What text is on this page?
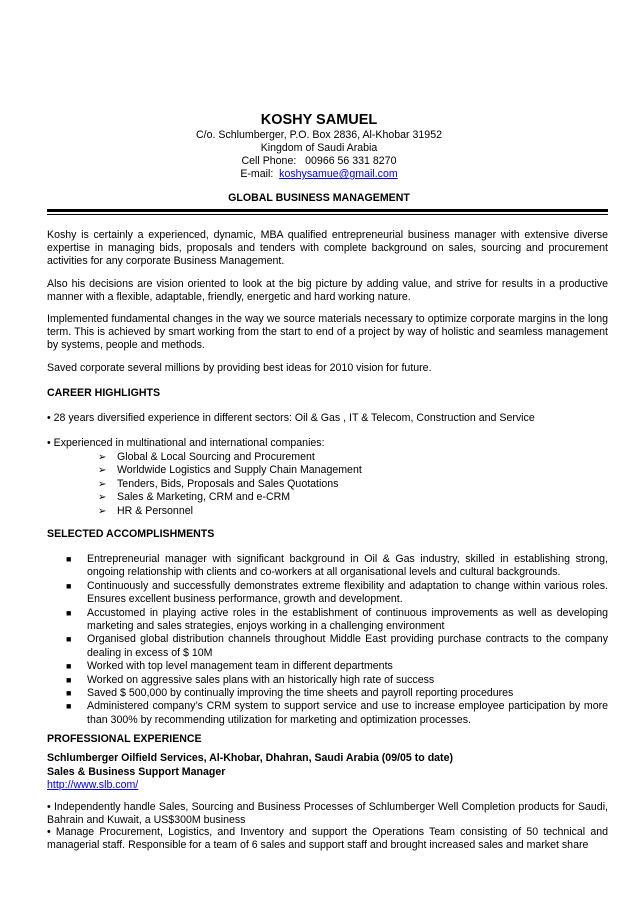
KOSHY SAMUEL
C/o. Schlumberger, P.O. Box 2836, Al-Khobar 31952
Kingdom of Saudi Arabia
Cell Phone: 00966 56 331 8270
E-mail: koshysamue@gmail.com
GLOBAL BUSINESS MANAGEMENT
Koshy is certainly a experienced, dynamic, MBA qualified entrepreneurial business manager with extensive diverse expertise in managing bids, proposals and tenders with complete background on sales, sourcing and procurement activities for any corporate Business Management.
Also his decisions are vision oriented to look at the big picture by adding value, and strive for results in a productive manner with a flexible, adaptable, friendly, energetic and hard working nature.
Implemented fundamental changes in the way we source materials necessary to optimize corporate margins in the long term. This is achieved by smart working from the start to end of a project by way of holistic and seamless management by systems, people and methods.
Saved corporate several millions by providing best ideas for 2010 vision for future.
CAREER HIGHLIGHTS
• 28 years diversified experience in different sectors: Oil & Gas , IT & Telecom, Construction and Service
• Experienced in multinational and international companies:
➢	Global & Local Sourcing and Procurement
➢	Worldwide Logistics and Supply Chain Management
➢	Tenders, Bids, Proposals and Sales Quotations
➢	Sales & Marketing, CRM and e-CRM
➢	HR & Personnel
SELECTED ACCOMPLISHMENTS
■	Entrepreneurial manager with significant background in Oil & Gas industry, skilled in establishing strong, ongoing relationship with clients and co-workers at all organisational levels and cultural backgrounds.
■	Continuously and successfully demonstrates extreme flexibility and adaptation to change within various roles. Ensures excellent business performance, growth and development.
■	Accustomed in playing active roles in the establishment of continuous improvements as well as developing marketing and sales strategies, enjoys working in a challenging environment
■	Organised global distribution channels throughout Middle East providing purchase contracts to the company dealing in excess of $ 10M
■	Worked with top level management team in different departments
■	Worked on aggressive sales plans with an historically high rate of success
■	Saved $ 500,000 by continually improving the time sheets and payroll reporting procedures
■	Administered company’s CRM system to support service and use to increase employee participation by more than 300% by recommending utilization for marketing and optimization processes.
PROFESSIONAL EXPERIENCE
Schlumberger Oilfield Services, Al-Khobar, Dhahran, Saudi Arabia (09/05 to date)
Sales & Business Support Manager
http://www.slb.com/
• Independently handle Sales, Sourcing and Business Processes of Schlumberger Well Completion products for Saudi, Bahrain and Kuwait, a US$300M business
• Manage Procurement, Logistics, and Inventory and support the Operations Team consisting of 50 technical and managerial staff. Responsible for a team of 6 sales and support staff and brought increased sales and market share
